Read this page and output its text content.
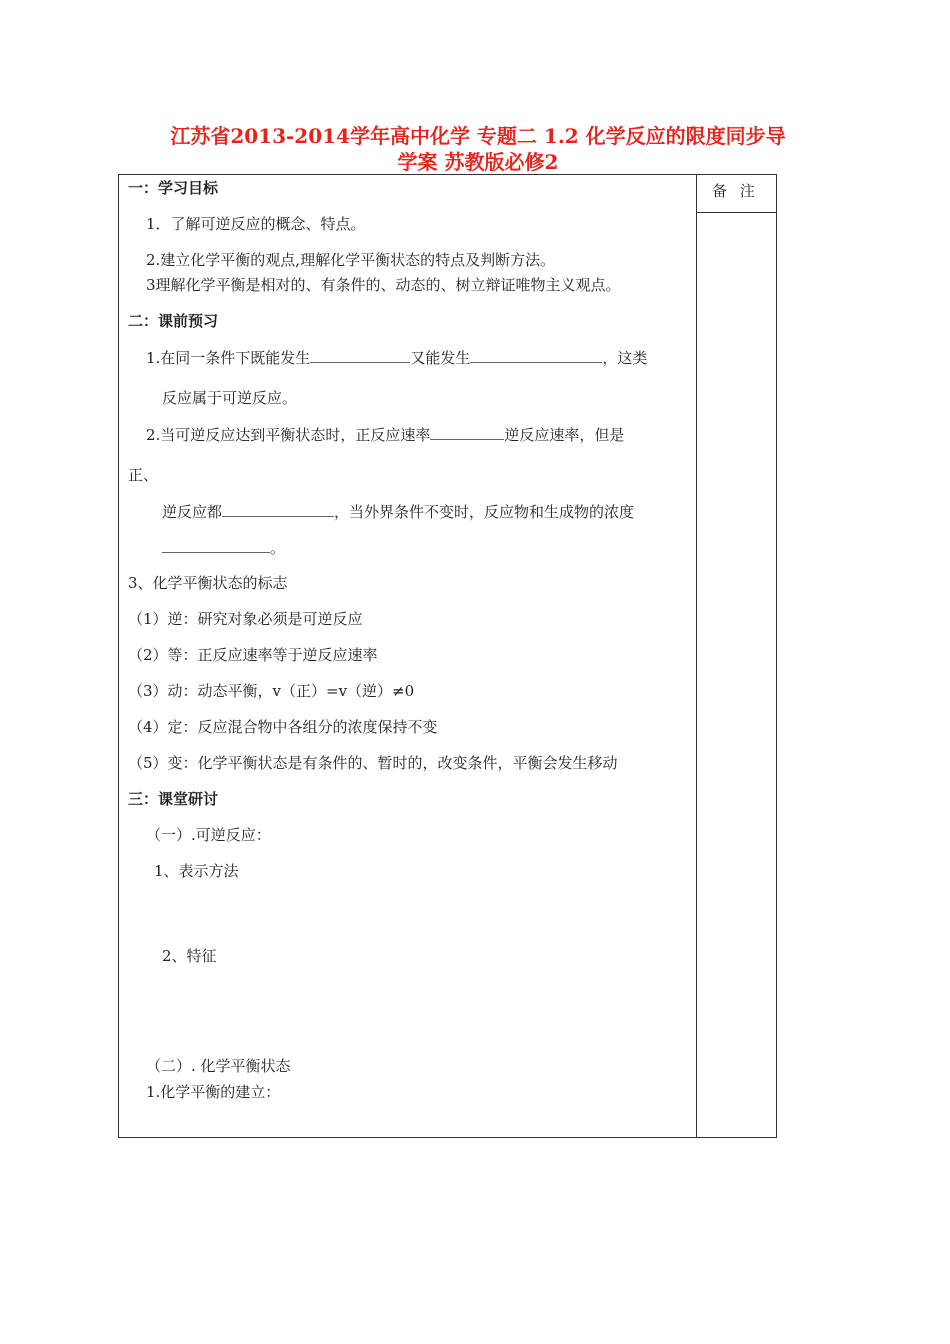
江苏省2013-2014学年高中化学 专题二 1.2 化学反应的限度同步导
学案 苏教版必修2
备 注
一：学习目标
1．了解可逆反应的概念、特点。
2.建立化学平衡的观点,理解化学平衡状态的特点及判断方法。
3理解化学平衡是相对的、有条件的、动态的、树立辩证唯物主义观点。
二：课前预习
1.在同一条件下既能发生	又能发生	，这类
反应属于可逆反应。
2.当可逆反应达到平衡状态时，正反应速率	逆反应速率，但是
正、
逆反应都	，当外界条件不变时，反应物和生成物的浓度
。
3、化学平衡状态的标志
（1）逆：研究对象必须是可逆反应
（2）等：正反应速率等于逆反应速率
（3）动：动态平衡，v（正）=v（逆）≠0
（4）定：反应混合物中各组分的浓度保持不变
（5）变：化学平衡状态是有条件的、暂时的，改变条件，平衡会发生移动
三：课堂研讨
（一）.可逆反应：
1、表示方法
2、特征
（二）. 化学平衡状态
1.化学平衡的建立：
